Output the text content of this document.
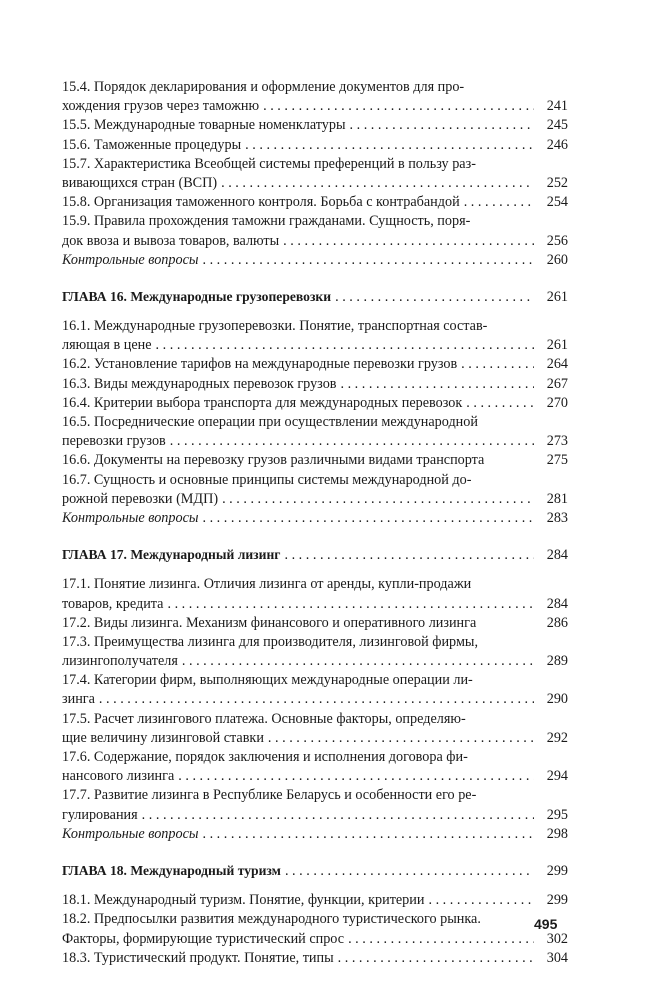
15.4. Порядок декларирования и оформление документов для про-
хождения грузов через таможню . . .	241
15.5. Международные товарные номенклатуры . . .	245
15.6. Таможенные процедуры . . .	246
15.7. Характеристика Всеобщей системы преференций в пользу раз-
вивающихся стран (ВСП) . . .	252
15.8. Организация таможенного контроля. Борьба с контрабандой . . .	254
15.9. Правила прохождения таможни гражданами. Сущность, поря-
док ввоза и вывоза товаров, валюты . . .	256
Контрольные вопросы . . .	260
ГЛАВА 16. Международные грузоперевозки . . .	261
16.1. Международные грузоперевозки. Понятие, транспортная состав-
ляющая в цене . . .	261
16.2. Установление тарифов на международные перевозки грузов . . .	264
16.3. Виды международных перевозок грузов . . .	267
16.4. Критерии выбора транспорта для международных перевозок . . .	270
16.5. Посреднические операции при осуществлении международной
перевозки грузов . . .	273
16.6. Документы на перевозку грузов различными видами транспорта	275
16.7. Сущность и основные принципы системы международной до-
рожной перевозки (МДП) . . .	281
Контрольные вопросы . . .	283
ГЛАВА 17. Международный лизинг . . .	284
17.1. Понятие лизинга. Отличия лизинга от аренды, купли-продажи
товаров, кредита . . .	284
17.2. Виды лизинга. Механизм финансового и оперативного лизинга	286
17.3. Преимущества лизинга для производителя, лизинговой фирмы,
лизингополучателя . . .	289
17.4. Категории фирм, выполняющих международные операции ли-
зинга . . .	290
17.5. Расчет лизингового платежа. Основные факторы, определяю-
щие величину лизинговой ставки . . .	292
17.6. Содержание, порядок заключения и исполнения договора фи-
нансового лизинга . . .	294
17.7. Развитие лизинга в Республике Беларусь и особенности его ре-
гулирования . . .	295
Контрольные вопросы . . .	298
ГЛАВА 18. Международный туризм . . .	299
18.1. Международный туризм. Понятие, функции, критерии . . .	299
18.2. Предпосылки развития международного туристического рынка.
Факторы, формирующие туристический спрос . . .	302
18.3. Туристический продукт. Понятие, типы . . .	304
495
